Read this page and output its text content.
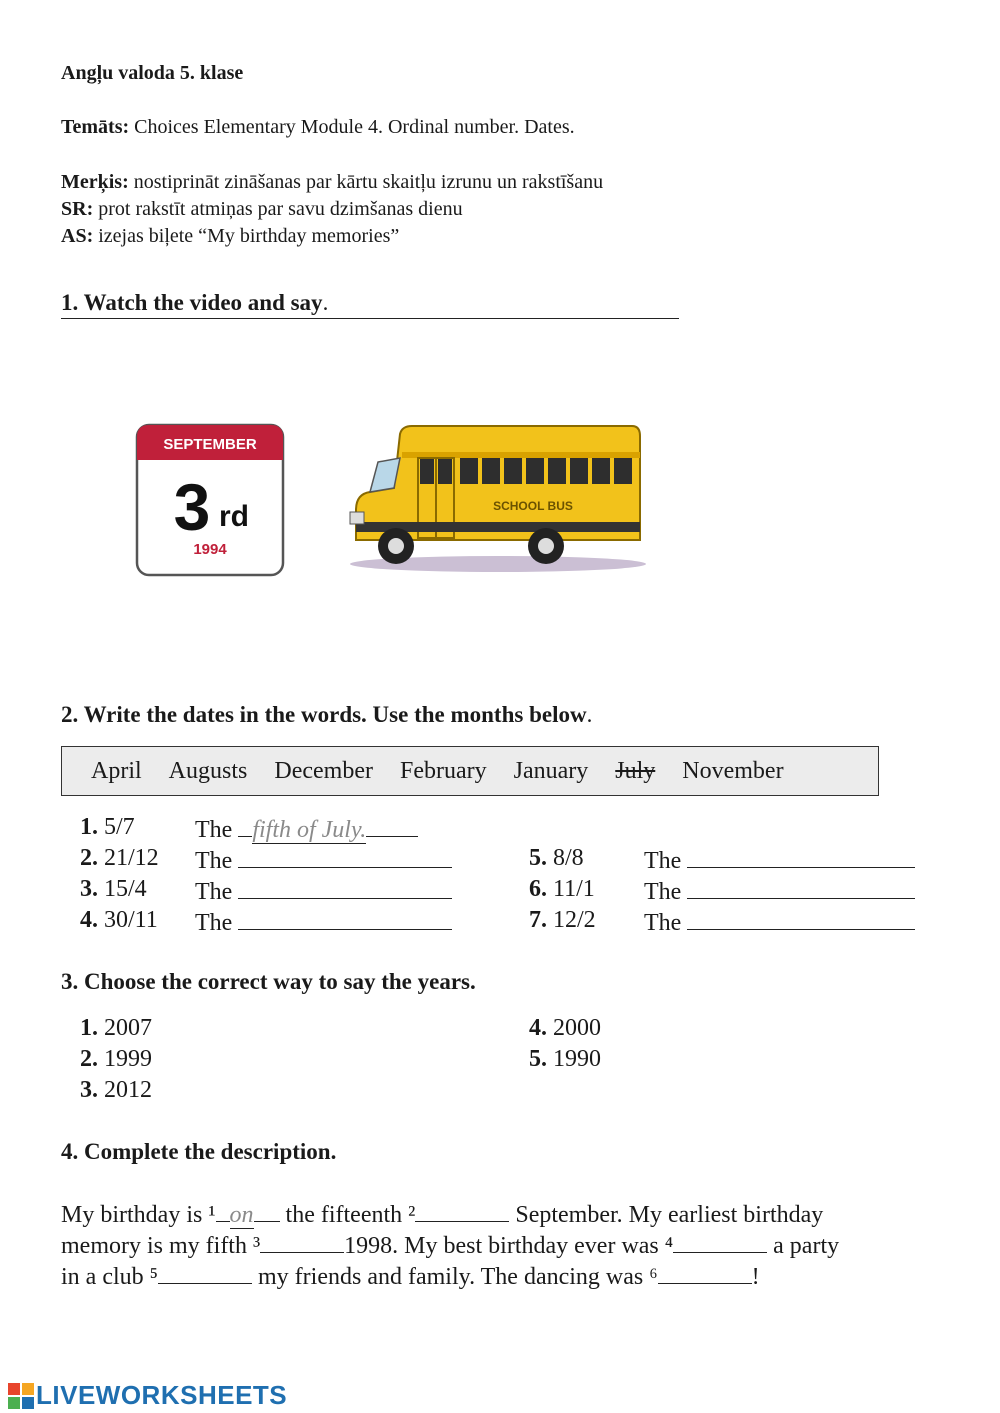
Angļu valoda 5. klase
Temāts: Choices Elementary Module 4. Ordinal number. Dates.
Merķis: nostiprināt zināšanas par kārtu skaitļu izrunu un rakstīšanu
SR: prot rakstīt atmiņas par savu dzimšanas dienu
AS: izejas biļete “My birthday memories”
1. Watch the video and say.
SEPTEMBER
3 rd
1994
SCHOOL BUS
2. Write the dates in the words. Use the months below.
April Augusts December February January July November
1. 5/7	The fifth of July.
2. 21/12 The
3. 15/4 The
4. 30/11 The
5. 8/8	The
6. 11/1 The
7. 12/2 The
3. Choose the correct way to say the years.
1. 2007
2. 1999
3. 2012
4. 2000
5. 1990
4. Complete the description.
My birthday is ¹ on the fifteenth ²	September. My earliest birthday
memory is my fifth ³	1998. My best birthday ever was ⁴	a party
in a club ⁵	my friends and family. The dancing was ⁶	!
LIVEWORKSHEETS
